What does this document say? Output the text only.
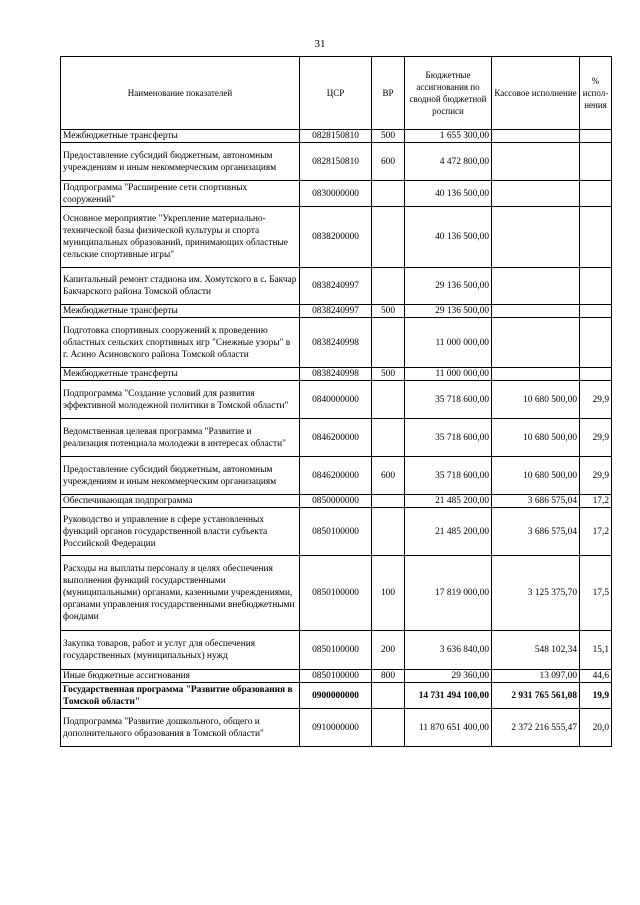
31
Наименование показателей	ЦСР	ВР	Бюджетные ассигнования по сводной бюджетной росписи	Кассовое исполнение	% испол-нения
Межбюджетные трансферты	0828150810	500	1 655 300,00		
Предоставление субсидий бюджетным, автономным учреждениям и иным некоммерческим организациям	0828150810	600	4 472 800,00		
Подпрограмма "Расширение сети спортивных сооружений"	0830000000		40 136 500,00		
Основное мероприятие "Укрепление материально-технической базы физической культуры и спорта муниципальных образований, принимающих областные сельские спортивные игры"	0838200000		40 136 500,00		
Капитальный ремонт стадиона им. Хомутского в с. Бакчар Бакчарского района Томской области	0838240997		29 136 500,00		
Межбюджетные трансферты	0838240997	500	29 136 500,00		
Подготовка спортивных сооружений к проведению областных сельских спортивных игр "Снежные узоры" в г. Асино Асиновского района Томской области	0838240998		11 000 000,00		
Межбюджетные трансферты	0838240998	500	11 000 000,00		
Подпрограмма "Создание условий для развития эффективной молодежной политики в Томской области"	0840000000		35 718 600,00	10 680 500,00	29,9
Ведомственная целевая программа "Развитие и реализация потенциала молодежи в интересах области"	0846200000		35 718 600,00	10 680 500,00	29,9
Предоставление субсидий бюджетным, автономным учреждениям и иным некоммерческим организациям	0846200000	600	35 718 600,00	10 680 500,00	29,9
Обеспечивающая подпрограмма	0850000000		21 485 200,00	3 686 575,04	17,2
Руководство и управление в сфере установленных функций органов государственной власти субъекта Российской Федерации	0850100000		21 485 200,00	3 686 575,04	17,2
Расходы на выплаты персоналу в целях обеспечения выполнения функций государственными (муниципальными) органами, казенными учреждениями, органами управления государственными внебюджетными фондами	0850100000	100	17 819 000,00	3 125 375,70	17,5
Закупка товаров, работ и услуг для обеспечения государственных (муниципальных) нужд	0850100000	200	3 636 840,00	548 102,34	15,1
Иные бюджетные ассигнования	0850100000	800	29 360,00	13 097,00	44,6
Государственная программа "Развитие образования в Томской области"	0900000000		14 731 494 100,00	2 931 765 561,08	19,9
Подпрограмма "Развитие дошкольного, общего и дополнительного образования в Томской области"	0910000000		11 870 651 400,00	2 372 216 555,47	20,0
